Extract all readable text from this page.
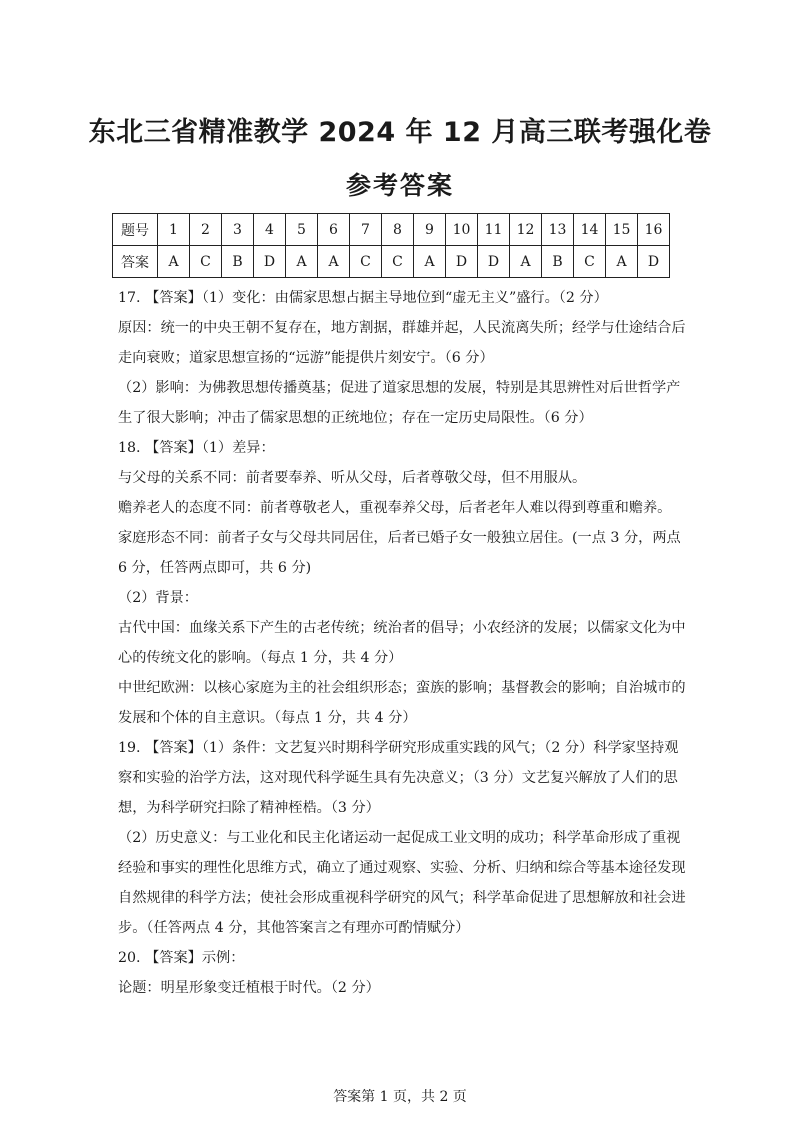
东北三省精准教学 2024 年 12 月高三联考强化卷
参考答案
题号	1	2	3	4	5	6	7	8	9	10	11	12	13	14	15	16
答案	A	C	B	D	A	A	C	C	A	D	D	A	B	C	A	D

17. 【答案】（1）变化：由儒家思想占据主导地位到“虚无主义”盛行。（2 分）

原因：统一的中央王朝不复存在，地方割据，群雄并起，人民流离失所；经学与仕途结合后走向衰败；道家思想宣扬的“远游”能提供片刻安宁。（6 分）

（2）影响：为佛教思想传播奠基；促进了道家思想的发展，特别是其思辨性对后世哲学产生了很大影响；冲击了儒家思想的正统地位；存在一定历史局限性。（6 分）

18. 【答案】（1）差异：

与父母的关系不同：前者要奉养、听从父母，后者尊敬父母，但不用服从。

赡养老人的态度不同：前者尊敬老人，重视奉养父母，后者老年人难以得到尊重和赡养。

家庭形态不同：前者子女与父母共同居住，后者已婚子女一般独立居住。(一点 3 分，两点 6 分，任答两点即可，共 6 分)

（2）背景：

古代中国：血缘关系下产生的古老传统；统治者的倡导；小农经济的发展；以儒家文化为中心的传统文化的影响。（每点 1 分，共 4 分）

中世纪欧洲：以核心家庭为主的社会组织形态；蛮族的影响；基督教会的影响；自治城市的发展和个体的自主意识。（每点 1 分，共 4 分）

19. 【答案】（1）条件：文艺复兴时期科学研究形成重实践的风气；（2 分）科学家坚持观察和实验的治学方法，这对现代科学诞生具有先决意义；（3 分）文艺复兴解放了人们的思想，为科学研究扫除了精神桎梏。（3 分）

（2）历史意义：与工业化和民主化诸运动一起促成工业文明的成功；科学革命形成了重视经验和事实的理性化思维方式，确立了通过观察、实验、分析、归纳和综合等基本途径发现自然规律的科学方法；使社会形成重视科学研究的风气；科学革命促进了思想解放和社会进步。（任答两点 4 分，其他答案言之有理亦可酌情赋分）

20. 【答案】示例：

论题：明星形象变迁植根于时代。（2 分）

答案第 1 页，共 2 页
